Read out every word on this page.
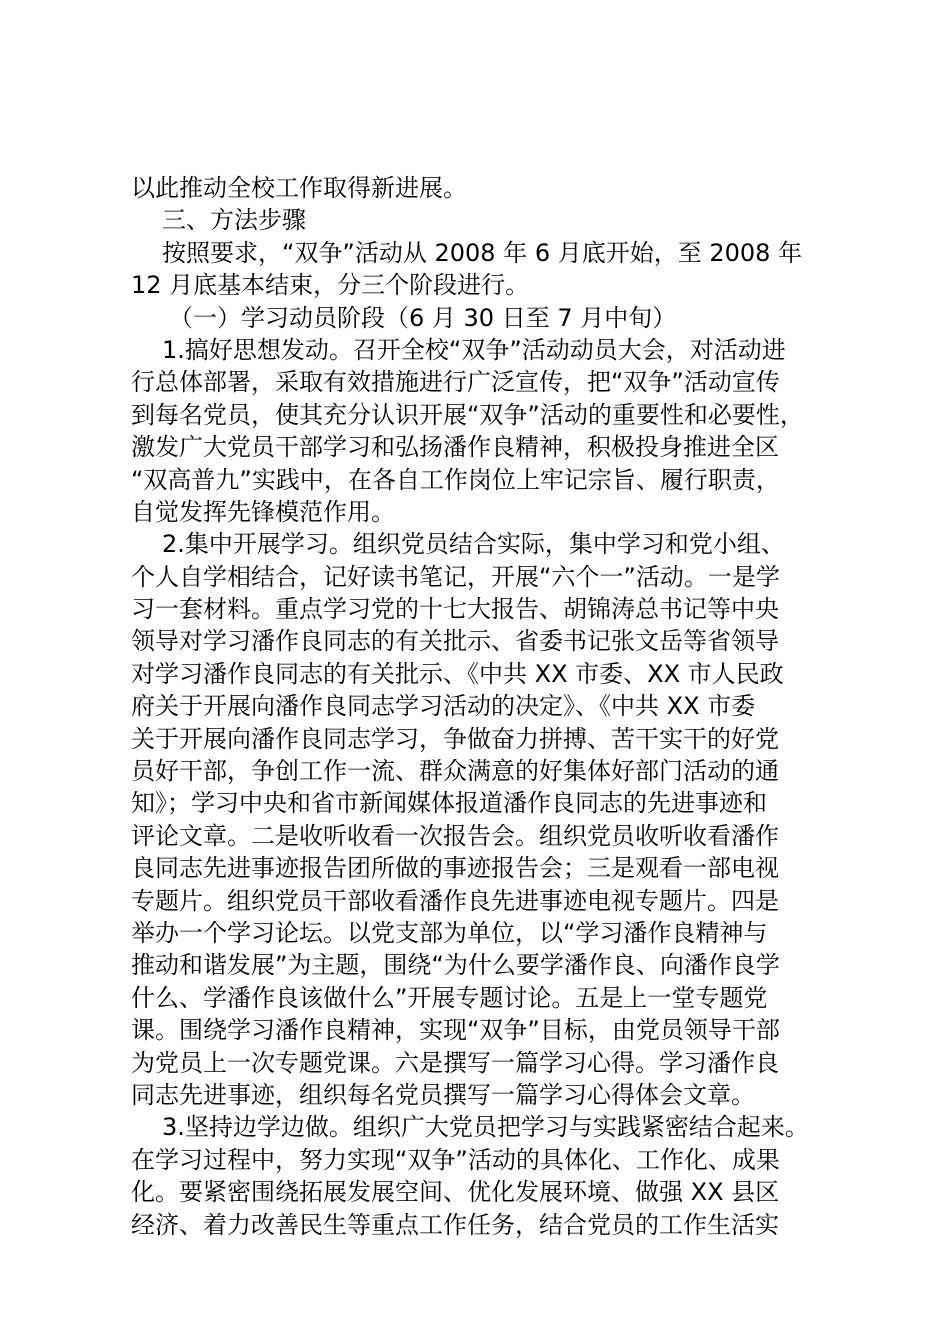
以此推动全校工作取得新进展。
三、方法步骤
按照要求，“双争”活动从 2008 年 6 月底开始，至 2008 年
12 月底基本结束，分三个阶段进行。
（一）学习动员阶段（6 月 30 日至 7 月中旬）
1.搞好思想发动。召开全校“双争”活动动员大会，对活动进
行总体部署，采取有效措施进行广泛宣传，把“双争”活动宣传
到每名党员，使其充分认识开展“双争”活动的重要性和必要性，
激发广大党员干部学习和弘扬潘作良精神，积极投身推进全区
“双高普九”实践中，在各自工作岗位上牢记宗旨、履行职责，
自觉发挥先锋模范作用。
2.集中开展学习。组织党员结合实际，集中学习和党小组、
个人自学相结合，记好读书笔记，开展“六个一”活动。一是学
习一套材料。重点学习党的十七大报告、胡锦涛总书记等中央
领导对学习潘作良同志的有关批示、省委书记张文岳等省领导
对学习潘作良同志的有关批示、《中共 XX 市委、XX 市人民政
府关于开展向潘作良同志学习活动的决定》、《中共 XX 市委
关于开展向潘作良同志学习，争做奋力拼搏、苦干实干的好党
员好干部，争创工作一流、群众满意的好集体好部门活动的通
知》；学习中央和省市新闻媒体报道潘作良同志的先进事迹和
评论文章。二是收听收看一次报告会。组织党员收听收看潘作
良同志先进事迹报告团所做的事迹报告会；三是观看一部电视
专题片。组织党员干部收看潘作良先进事迹电视专题片。四是
举办一个学习论坛。以党支部为单位，以“学习潘作良精神与
推动和谐发展”为主题，围绕“为什么要学潘作良、向潘作良学
什么、学潘作良该做什么”开展专题讨论。五是上一堂专题党
课。围绕学习潘作良精神，实现“双争”目标，由党员领导干部
为党员上一次专题党课。六是撰写一篇学习心得。学习潘作良
同志先进事迹，组织每名党员撰写一篇学习心得体会文章。
3.坚持边学边做。组织广大党员把学习与实践紧密结合起来。
在学习过程中，努力实现“双争”活动的具体化、工作化、成果
化。要紧密围绕拓展发展空间、优化发展环境、做强 XX 县区
经济、着力改善民生等重点工作任务，结合党员的工作生活实
